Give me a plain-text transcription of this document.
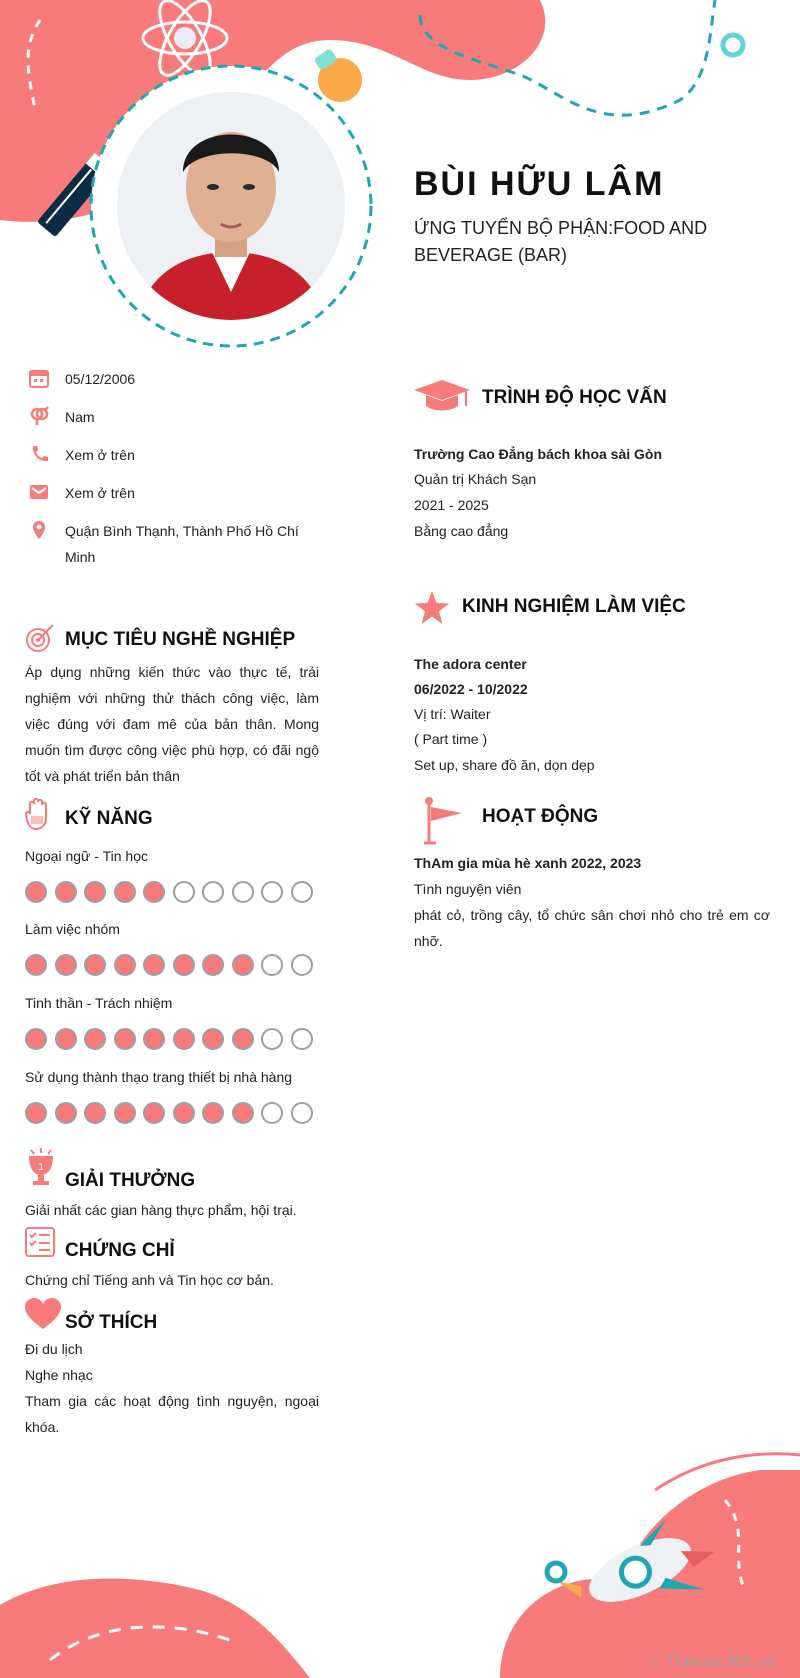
BÙI HỮU LÂM

ỨNG TUYỂN BỘ PHẬN:FOOD AND BEVERAGE (BAR)

05/12/2006
Nam
Xem ở trên
Xem ở trên
Quận Bình Thạnh, Thành Phố Hồ Chí Minh
MỤC TIÊU NGHỀ NGHIỆP

Áp dụng những kiến thức vào thực tế, trải nghiệm với những thử thách công việc, làm việc đúng với đam mê của bản thân. Mong muốn tìm được công việc phù hợp, có đãi ngộ tốt và phát triển bản thân

KỸ NĂNG
Ngoại ngữ - Tin học
Làm việc nhóm
Tinh thần - Trách nhiệm
Sử dụng thành thạo trang thiết bị nhà hàng
1
GIẢI THƯỞNG

Giải nhất các gian hàng thực phẩm, hội trại.

CHỨNG CHỈ

Chứng chỉ Tiếng anh và Tin học cơ bản.

SỞ THÍCH

Đi du lịch

Nghe nhạc

Tham gia các hoạt động tình nguyện, ngoại khóa.

TRÌNH ĐỘ HỌC VẤN

Trường Cao Đẳng bách khoa sài Gòn

Quản trị Khách Sạn

2021 - 2025

Bằng cao đẳng

KINH NGHIỆM LÀM VIỆC

The adora center

06/2022 - 10/2022

Vị trí: Waiter

( Part time )

Set up, share đồ ăn, dọn dẹp

HOẠT ĐỘNG

ThAm gia mùa hè xanh 2022, 2023

Tình nguyện viên

phát cỏ, trồng cây, tổ chức sân chơi nhỏ cho trẻ em cơ nhỡ.

∴ Timviec365.vn
